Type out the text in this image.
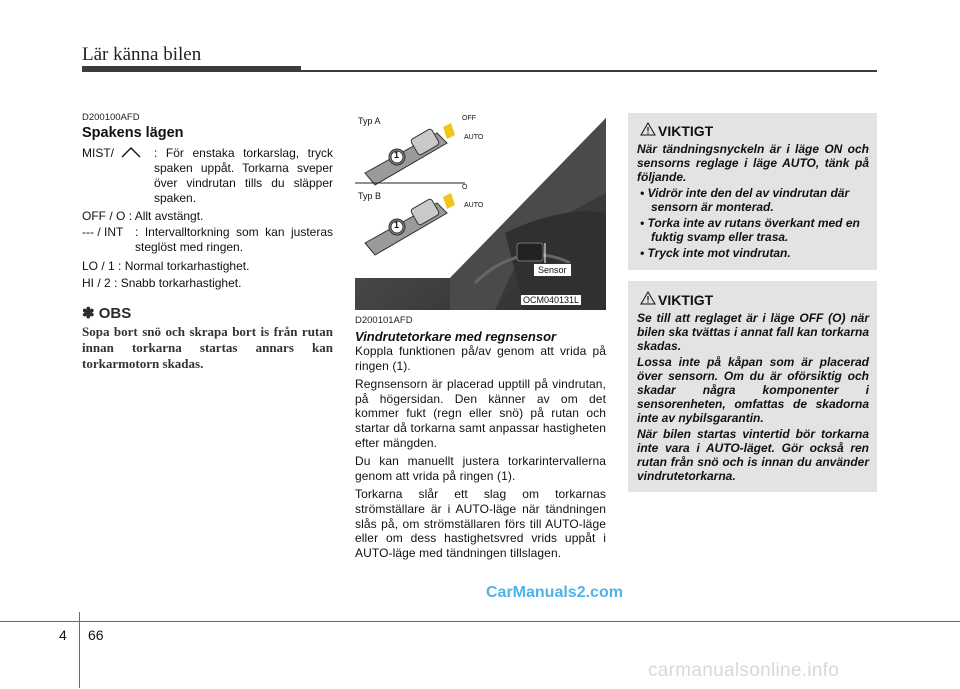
Lär känna bilen
D200100AFD
Spakens lägen
MIST/	: För enstaka torkarslag, tryck spaken uppåt. Torkarna sveper över vindrutan tills du släpper spaken.
OFF / O : Allt avstängt.
--- / INT : Intervalltorkning som kan justeras steglöst med ringen.
LO / 1 : Normal torkarhastighet.
HI / 2 : Snabb torkarhastighet.
✽ OBS
Sopa bort snö och skrapa bort is från rutan innan torkarna startas annars kan torkarmotorn skadas.
Typ A
Typ B
OFF
AUTO
O
AUTO
1
1
Sensor
OCM040131L
D200101AFD
Vindrutetorkare med regnsensor

Koppla funktionen på/av genom att vrida på ringen (1).

Regnsensorn är placerad upptill på vindrutan, på högersidan. Den känner av om det kommer fukt (regn eller snö) på rutan och startar då torkarna samt anpassar hastigheten efter mängden.

Du kan manuellt justera torkarintervallerna genom att vrida på ringen (1).

Torkarna slår ett slag om torkarnas strömställare är i AUTO-läge när tändningen slås på, om strömställaren förs till AUTO-läge eller om dess hastighetsvred vrids uppåt i AUTO-läge med tändningen tillslagen.

VIKTIGT

När tändningsnyckeln är i läge ON och sensorns reglage i läge AUTO, tänk på följande.

• Vidrör inte den del av vindrutan där sensorn är monterad.
• Torka inte av rutans överkant med en fuktig svamp eller trasa.
• Tryck inte mot vindrutan.
VIKTIGT

Se till att reglaget är i läge OFF (O) när bilen ska tvättas i annat fall kan torkarna skadas.

Lossa inte på kåpan som är placerad över sensorn. Om du är oförsiktig och skadar några komponenter i sensorenheten, omfattas de skadorna inte av nybilsgarantin.

När bilen startas vintertid bör torkarna inte vara i AUTO-läget. Gör också ren rutan från snö och is innan du använder vindrutetorkarna.

CarManuals2.com
carmanualsonline.info
4 66
